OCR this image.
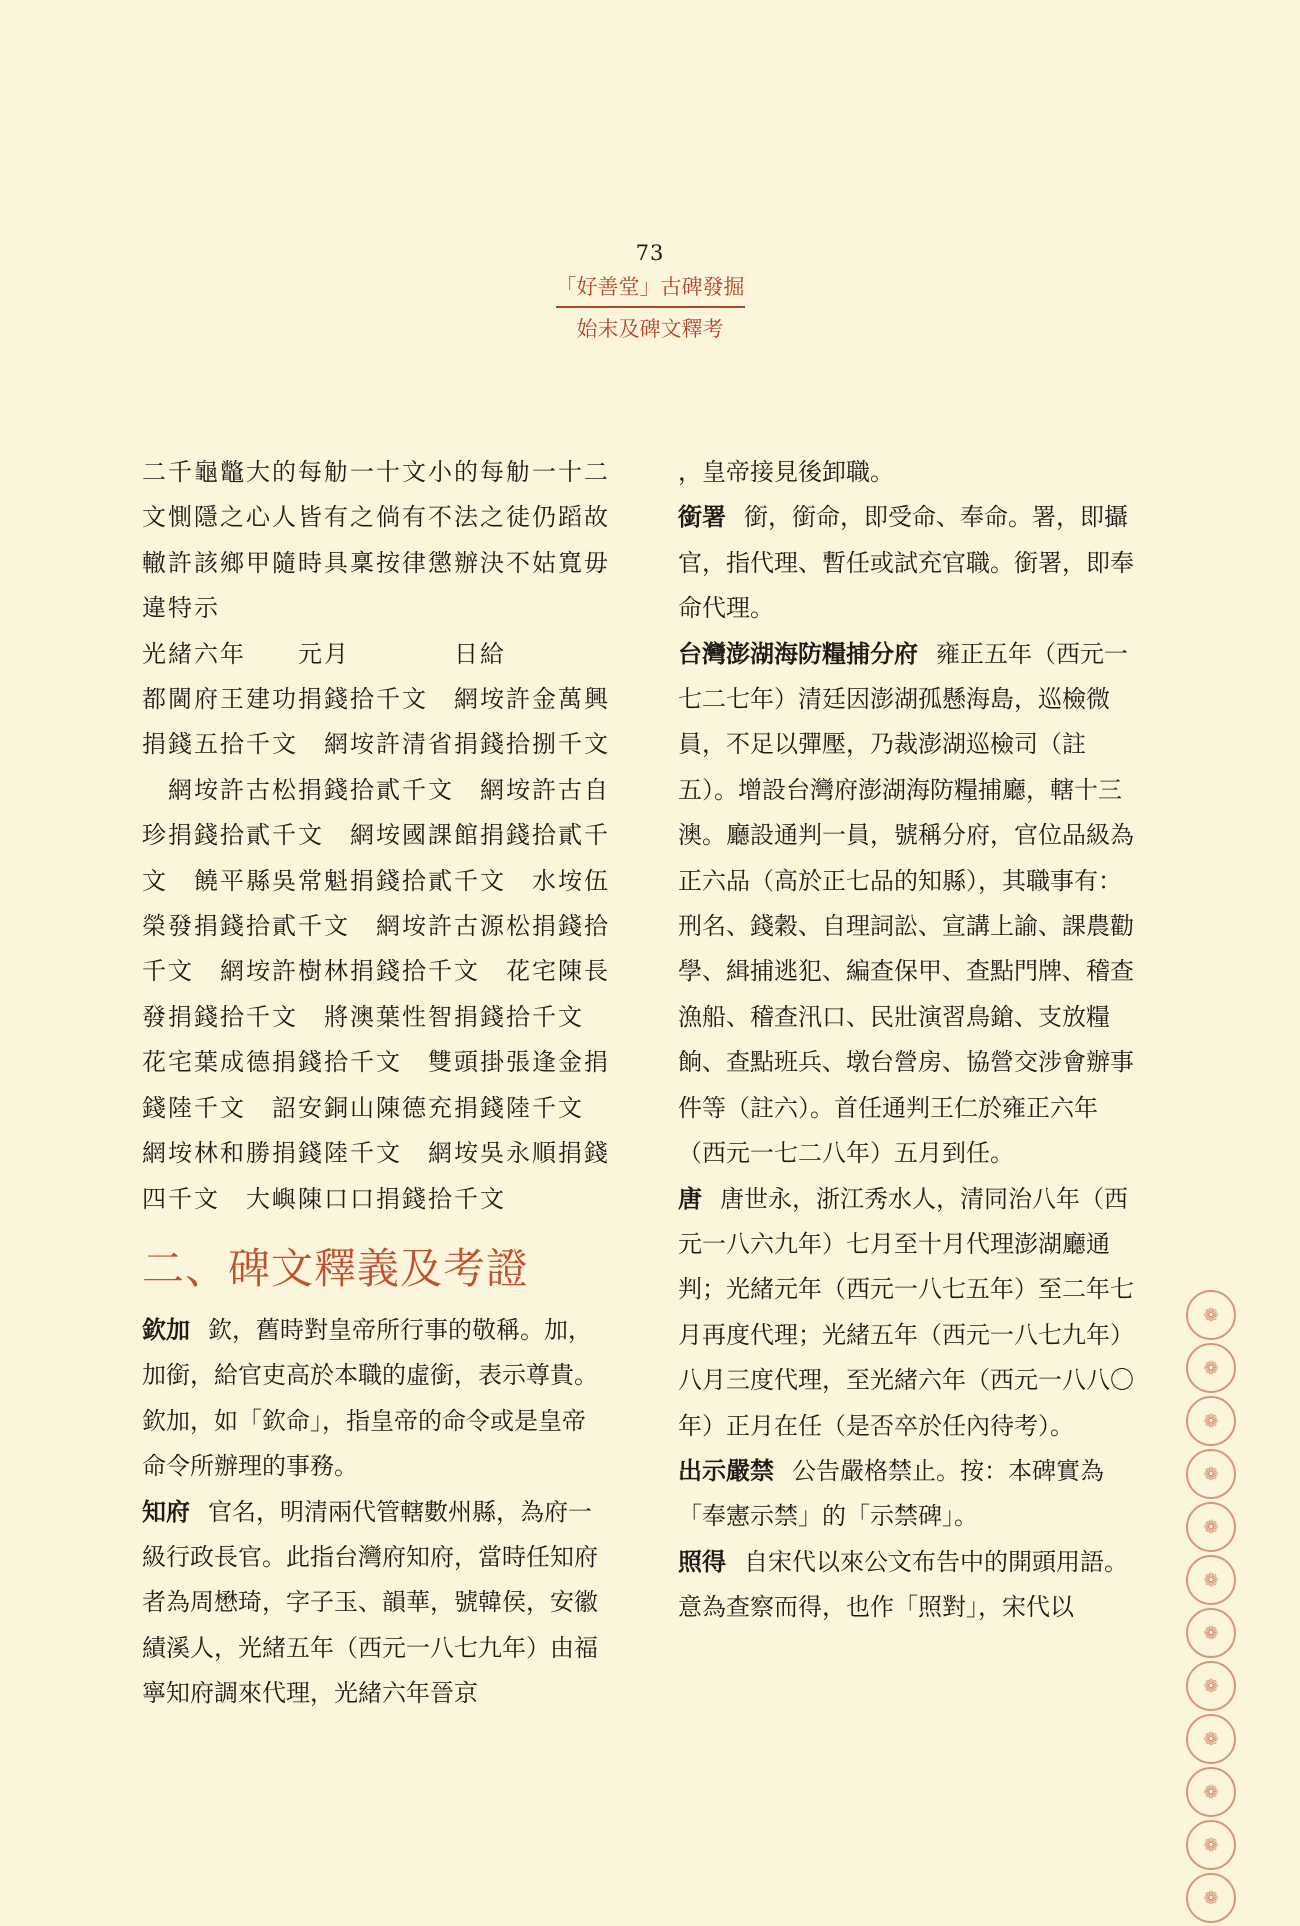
73
「好善堂」古碑發掘
始末及碑文釋考

二千龜鼈大的每觔一十文小的每觔一十二

文惻隱之心人皆有之倘有不法之徒仍蹈故

轍許該鄉甲隨時具稟按律懲辦決不姑寬毋

違特示

光緒六年　　元月　　　　日給

都閫府王建功捐錢拾千文　網垵許金萬興

捐錢五拾千文　網垵許清省捐錢拾捌千文

　網垵許古松捐錢拾貳千文　網垵許古自

珍捐錢拾貳千文　網垵國課館捐錢拾貳千

文　饒平縣吳常魁捐錢拾貳千文　水垵伍

榮發捐錢拾貳千文　網垵許古源松捐錢拾

千文　網垵許樹林捐錢拾千文　花宅陳長

發捐錢拾千文　將澳葉性智捐錢拾千文

花宅葉成德捐錢拾千文　雙頭掛張逢金捐

錢陸千文　詔安銅山陳德充捐錢陸千文

網垵林和勝捐錢陸千文　網垵吳永順捐錢

四千文　大嶼陳口口捐錢拾千文

二、碑文釋義及考證

欽加 欽，舊時對皇帝所行事的敬稱。加，加銜，給官吏高於本職的虛銜，表示尊貴。欽加，如「欽命」，指皇帝的命令或是皇帝命令所辦理的事務。

知府 官名，明清兩代管轄數州縣，為府一級行政長官。此指台灣府知府，當時任知府者為周懋琦，字子玉、韻華，號韓侯，安徽績溪人，光緒五年（西元一八七九年）由福寧知府調來代理，光緒六年晉京

，皇帝接見後卸職。

銜署 銜，銜命，即受命、奉命。署，即攝官，指代理、暫任或試充官職。銜署，即奉命代理。

台灣澎湖海防糧捕分府 雍正五年（西元一七二七年）清廷因澎湖孤懸海島，巡檢微員，不足以彈壓，乃裁澎湖巡檢司（註五）。增設台灣府澎湖海防糧捕廳，轄十三澳。廳設通判一員，號稱分府，官位品級為正六品（高於正七品的知縣），其職事有：刑名、錢穀、自理詞訟、宣講上諭、課農勸學、緝捕逃犯、編查保甲、查點門牌、稽查漁船、稽查汛口、民壯演習鳥鎗、支放糧餉、查點班兵、墩台營房、協營交涉會辦事件等（註六）。首任通判王仁於雍正六年（西元一七二八年）五月到任。

唐 唐世永，浙江秀水人，清同治八年（西元一八六九年）七月至十月代理澎湖廳通判；光緒元年（西元一八七五年）至二年七月再度代理；光緒五年（西元一八七九年）八月三度代理，至光緒六年（西元一八八〇年）正月在任（是否卒於任內待考）。

出示嚴禁 公告嚴格禁止。按：本碑實為「奉憲示禁」的「示禁碑」。

照得 自宋代以來公文布告中的開頭用語。意為查察而得，也作「照對」，宋代以

❁
❁
❁
❁
❁
❁
❁
❁
❁
❁
❁
❁
